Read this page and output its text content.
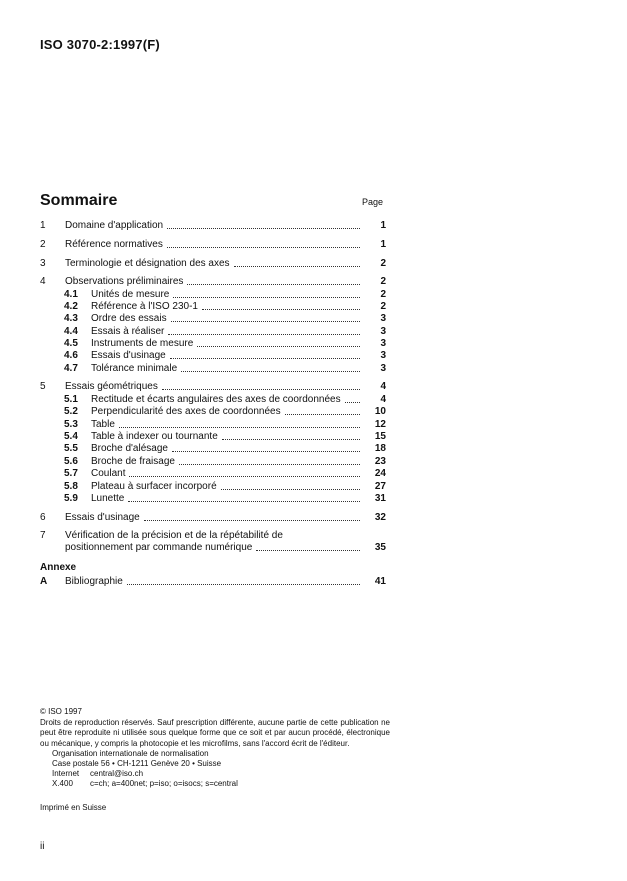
ISO 3070-2:1997(F)
Sommaire	Page
1	Domaine d'application	1
2	Référence normatives	1
3	Terminologie et désignation des axes	2
4	Observations préliminaires	2
4.1	Unités de mesure	2
4.2	Référence à l'ISO 230-1	2
4.3	Ordre des essais	3
4.4	Essais à réaliser	3
4.5	Instruments de mesure	3
4.6	Essais d'usinage	3
4.7	Tolérance minimale	3
5	Essais géométriques	4
5.1	Rectitude et écarts angulaires des axes de coordonnées	4
5.2	Perpendicularité des axes de coordonnées	10
5.3	Table	12
5.4	Table à indexer ou tournante	15
5.5	Broche d'alésage	18
5.6	Broche de fraisage	23
5.7	Coulant	24
5.8	Plateau à surfacer incorporé	27
5.9	Lunette	31
6	Essais d'usinage	32
7	Vérification de la précision et de la répétabilité de
positionnement par commande numérique	35
Annexe
A	Bibliographie	41
© ISO 1997
Droits de reproduction réservés. Sauf prescription différente, aucune partie de cette publication ne peut être reproduite ni utilisée sous quelque forme que ce soit et par aucun procédé, électronique ou mécanique, y compris la photocopie et les microfilms, sans l'accord écrit de l'éditeur.
Organisation internationale de normalisation
Case postale 56 • CH-1211 Genève 20 • Suisse
Internet central@iso.ch
X.400 c=ch; a=400net; p=iso; o=isocs; s=central
Imprimé en Suisse
ii
